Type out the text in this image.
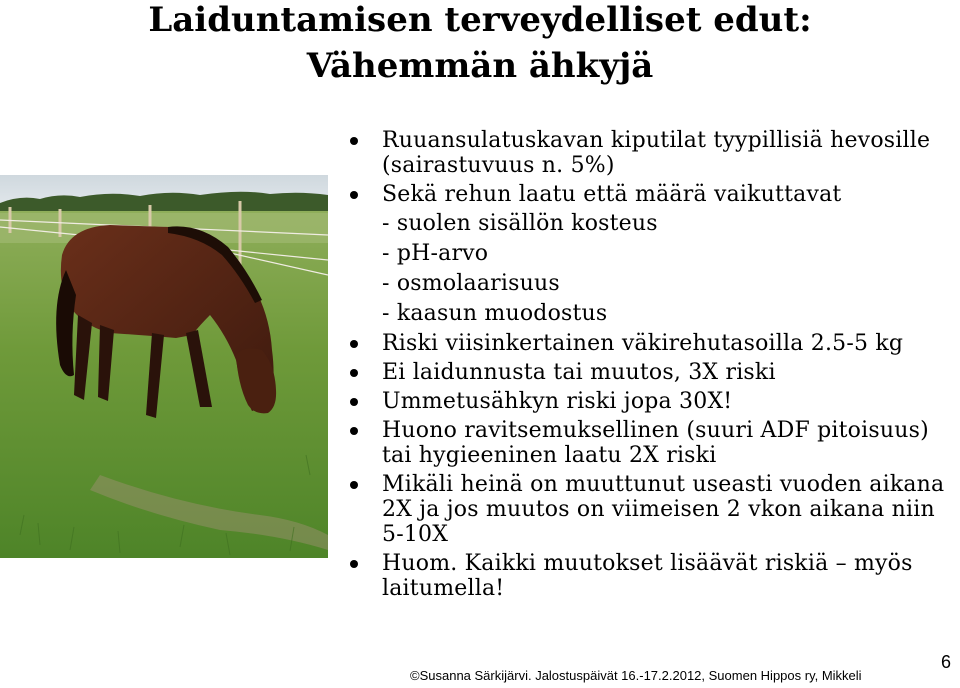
Laiduntamisen terveydelliset edut:
Vähemmän ähkyjä
Ruuansulatuskavan kiputilat tyypillisiä hevosille (sairastuvuus n. 5%)
Sekä rehun laatu että määrä vaikuttavat
- suolen sisällön kosteus
- pH-arvo
- osmolaarisuus
- kaasun muodostus
Riski viisinkertainen väkirehutasoilla 2.5-5 kg
Ei laidunnusta tai muutos, 3X riski
Ummetusähkyn riski jopa 30X!
Huono ravitsemuksellinen (suuri ADF pitoisuus) tai hygieeninen laatu 2X riski
Mikäli heinä on muuttunut useasti vuoden aikana 2X ja jos muutos on viimeisen 2 vkon aikana niin 5-10X
Huom. Kaikki muutokset lisäävät riskiä – myös laitumella!
©Susanna Särkijärvi. Jalostuspäivät 16.-17.2.2012, Suomen Hippos ry, Mikkeli
6
